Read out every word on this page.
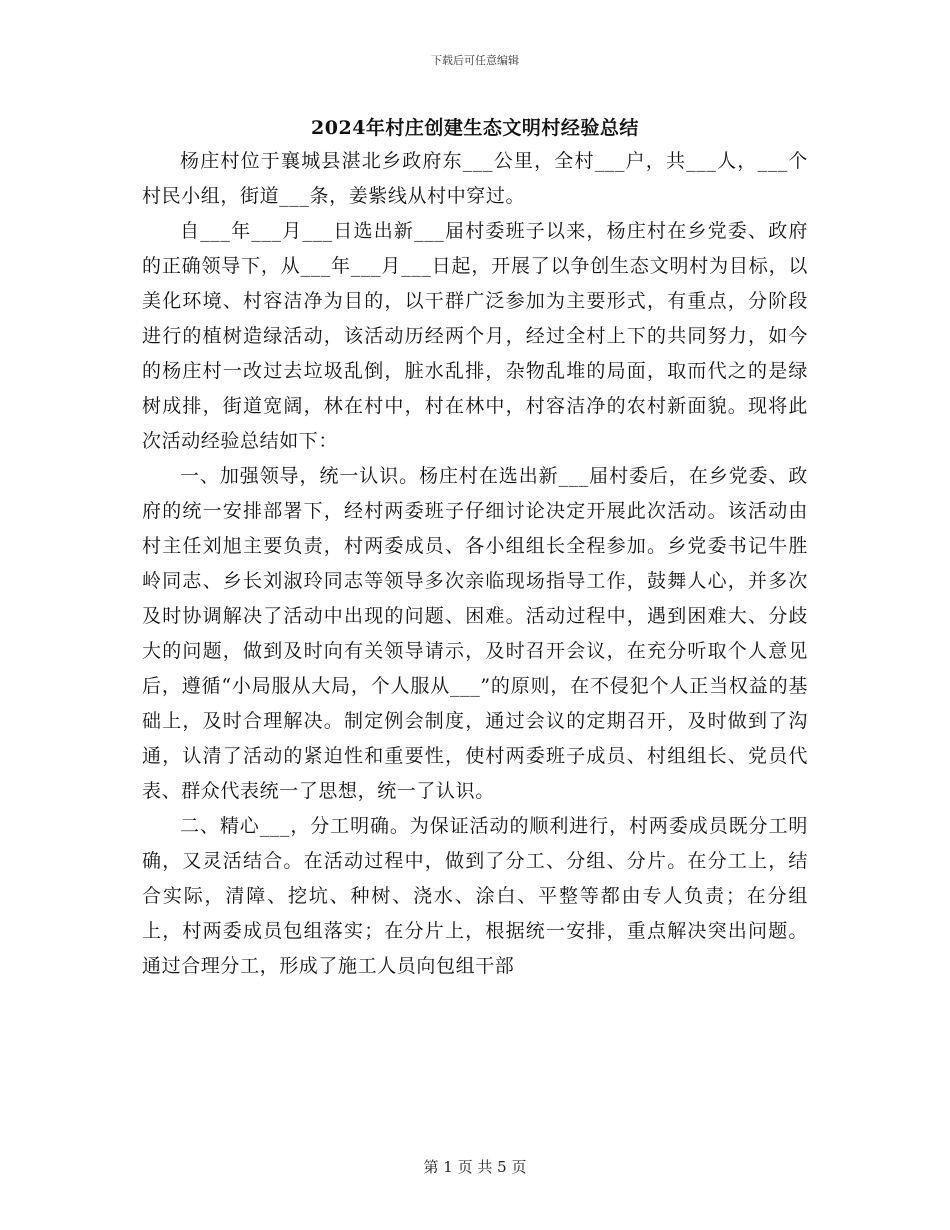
下载后可任意编辑
2024年村庄创建生态文明村经验总结

杨庄村位于襄城县湛北乡政府东___公里，全村___户，共___人，___个村民小组，街道___条，姜紫线从村中穿过。

自___年___月___日选出新___届村委班子以来，杨庄村在乡党委、政府的正确领导下，从___年___月___日起，开展了以争创生态文明村为目标，以美化环境、村容洁净为目的，以干群广泛参加为主要形式，有重点，分阶段进行的植树造绿活动，该活动历经两个月，经过全村上下的共同努力，如今的杨庄村一改过去垃圾乱倒，脏水乱排，杂物乱堆的局面，取而代之的是绿树成排，街道宽阔，林在村中，村在林中，村容洁净的农村新面貌。现将此次活动经验总结如下：

一、加强领导，统一认识。杨庄村在选出新___届村委后，在乡党委、政府的统一安排部署下，经村两委班子仔细讨论决定开展此次活动。该活动由村主任刘旭主要负责，村两委成员、各小组组长全程参加。乡党委书记牛胜岭同志、乡长刘淑玲同志等领导多次亲临现场指导工作，鼓舞人心，并多次及时协调解决了活动中出现的问题、困难。活动过程中，遇到困难大、分歧大的问题，做到及时向有关领导请示，及时召开会议，在充分听取个人意见后，遵循“小局服从大局，个人服从___”的原则，在不侵犯个人正当权益的基础上，及时合理解决。制定例会制度，通过会议的定期召开，及时做到了沟通，认清了活动的紧迫性和重要性，使村两委班子成员、村组组长、党员代表、群众代表统一了思想，统一了认识。

二、精心___，分工明确。为保证活动的顺利进行，村两委成员既分工明确，又灵活结合。在活动过程中，做到了分工、分组、分片。在分工上，结合实际，清障、挖坑、种树、浇水、涂白、平整等都由专人负责；在分组上，村两委成员包组落实；在分片上，根据统一安排，重点解决突出问题。通过合理分工，形成了施工人员向包组干部

第 1 页 共 5 页
